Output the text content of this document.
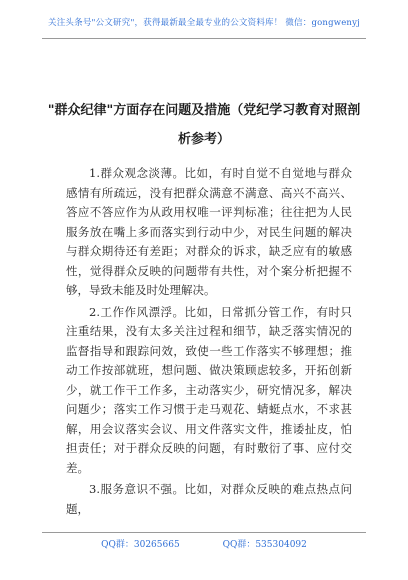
关注头条号"公文研究"，获得最新最全最专业的公文资料库！ 微信：gongwenyj
"群众纪律"方面存在问题及措施（党纪学习教育对照剖
析参考）

1.群众观念淡薄。比如，有时自觉不自觉地与群众感情有所疏远，没有把群众满意不满意、高兴不高兴、答应不答应作为从政用权唯一评判标准；往往把为人民服务放在嘴上多而落实到行动中少，对民生问题的解决与群众期待还有差距；对群众的诉求，缺乏应有的敏感性，觉得群众反映的问题带有共性，对个案分析把握不够，导致未能及时处理解决。

2.工作作风漂浮。比如，日常抓分管工作，有时只注重结果，没有太多关注过程和细节，缺乏落实情况的监督指导和跟踪问效，致使一些工作落实不够理想；推动工作按部就班，想问题、做决策顾虑较多，开拓创新少，就工作干工作多，主动落实少，研究情况多，解决问题少；落实工作习惯于走马观花、蜻蜓点水，不求甚解，用会议落实会议、用文件落实文件，推诿扯皮，怕担责任；对于群众反映的问题，有时敷衍了事、应付交差。

3.服务意识不强。比如，对群众反映的难点热点问题，

QQ群：30265665	QQ群：535304092
